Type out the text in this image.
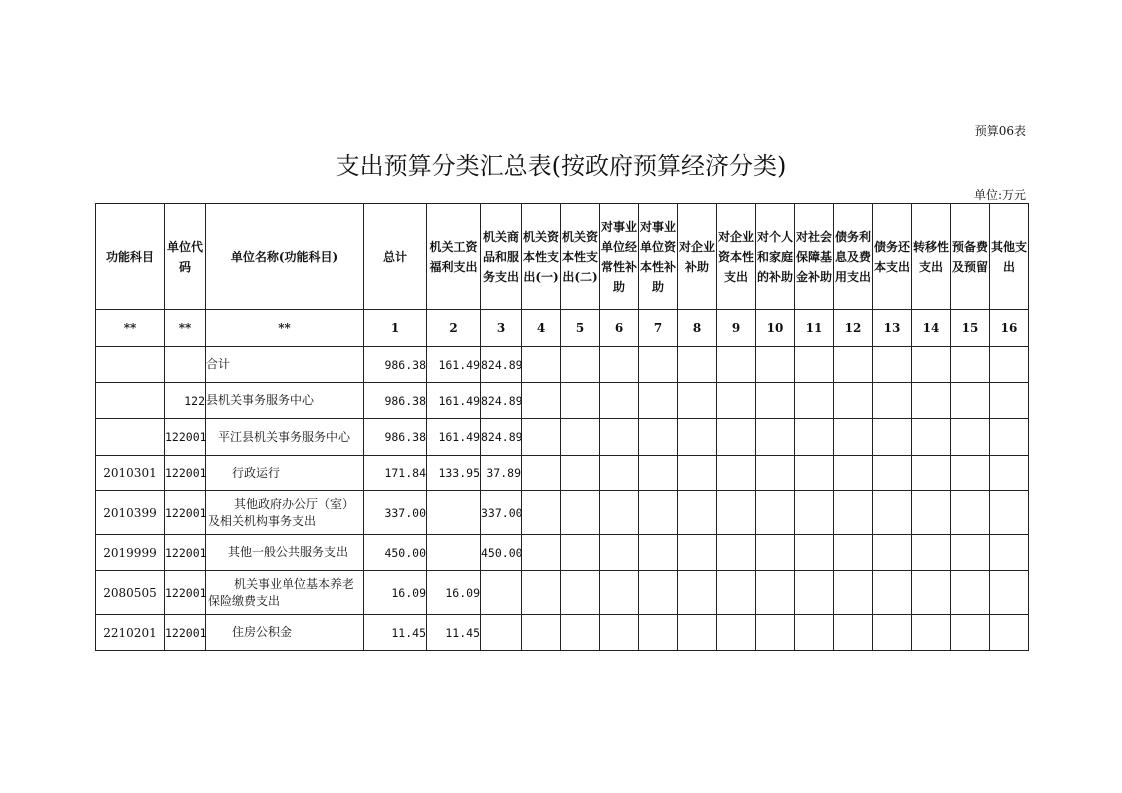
预算06表
支出预算分类汇总表(按政府预算经济分类)
单位:万元
功能科目	单位代码	单位名称(功能科目)	总计	机关工资福利支出	机关商品和服务支出	机关资本性支出(一)	机关资本性支出(二)	对事业单位经常性补助	对事业单位资本性补助	对企业补助	对企业资本性支出	对个人和家庭的补助	对社会保障基金补助	债务利息及费用支出	债务还本支出	转移性支出	预备费及预留	其他支出
**	**	**	1	2	3	4	5	6	7	8	9	10	11	12	13	14	15	16
		合计	986.38	161.49	824.89													
	122	县机关事务服务中心	986.38	161.49	824.89													
	122001	平江县机关事务服务中心	986.38	161.49	824.89													
2010301	122001	行政运行	171.84	133.95	37.89													
2010399	122001	其他政府办公厅（室）及相关机构事务支出	337.00		337.00													
2019999	122001	其他一般公共服务支出	450.00		450.00													
2080505	122001	机关事业单位基本养老保险缴费支出	16.09	16.09														
2210201	122001	住房公积金	11.45	11.45														
